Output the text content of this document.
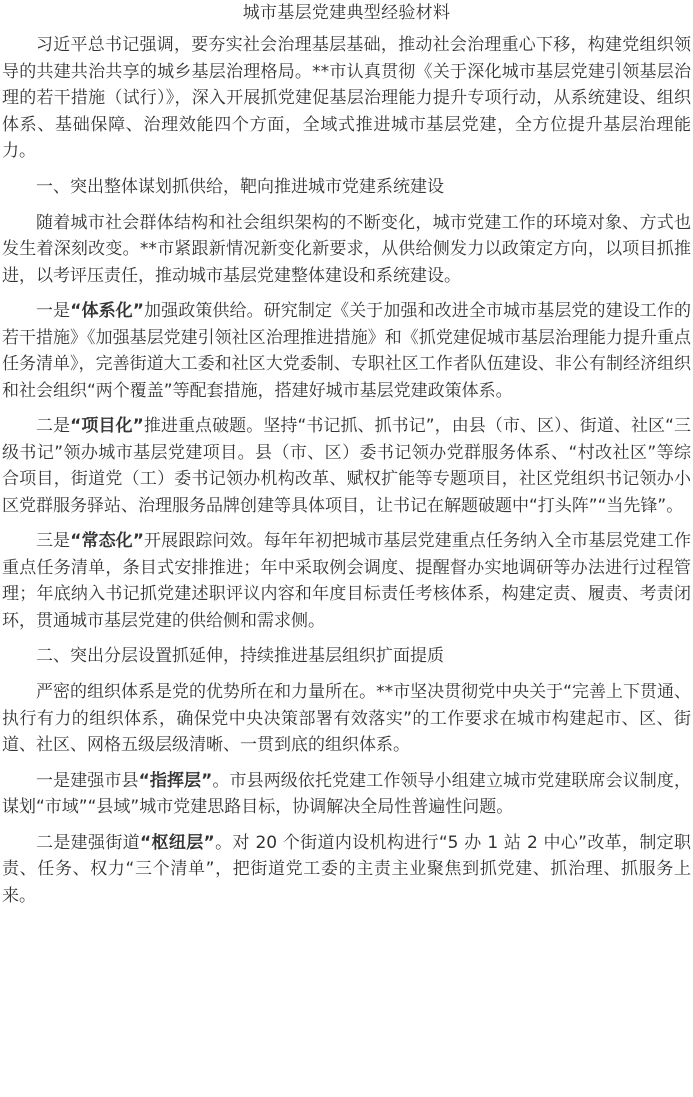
城市基层党建典型经验材料

习近平总书记强调，要夯实社会治理基层基础，推动社会治理重心下移，构建党组织领导的共建共治共享的城乡基层治理格局。**市认真贯彻《关于深化城市基层党建引领基层治理的若干措施（试行）》，深入开展抓党建促基层治理能力提升专项行动，从系统建设、组织体系、基础保障、治理效能四个方面，全域式推进城市基层党建，全方位提升基层治理能力。

一、突出整体谋划抓供给，靶向推进城市党建系统建设

随着城市社会群体结构和社会组织架构的不断变化，城市党建工作的环境对象、方式也发生着深刻改变。**市紧跟新情况新变化新要求，从供给侧发力以政策定方向，以项目抓推进，以考评压责任，推动城市基层党建整体建设和系统建设。

一是“体系化”加强政策供给。研究制定《关于加强和改进全市城市基层党的建设工作的若干措施》《加强基层党建引领社区治理推进措施》和《抓党建促城市基层治理能力提升重点任务清单》，完善街道大工委和社区大党委制、专职社区工作者队伍建设、非公有制经济组织和社会组织“两个覆盖”等配套措施，搭建好城市基层党建政策体系。

二是“项目化”推进重点破题。坚持“书记抓、抓书记”，由县（市、区）、街道、社区“三级书记”领办城市基层党建项目。县（市、区）委书记领办党群服务体系、“村改社区”等综合项目，街道党（工）委书记领办机构改革、赋权扩能等专题项目，社区党组织书记领办小区党群服务驿站、治理服务品牌创建等具体项目，让书记在解题破题中“打头阵”“当先锋”。

三是“常态化”开展跟踪问效。每年年初把城市基层党建重点任务纳入全市基层党建工作重点任务清单，条目式安排推进；年中采取例会调度、提醒督办实地调研等办法进行过程管理；年底纳入书记抓党建述职评议内容和年度目标责任考核体系，构建定责、履责、考责闭环，贯通城市基层党建的供给侧和需求侧。

二、突出分层设置抓延伸，持续推进基层组织扩面提质

严密的组织体系是党的优势所在和力量所在。**市坚决贯彻党中央关于“完善上下贯通、执行有力的组织体系，确保党中央决策部署有效落实”的工作要求在城市构建起市、区、街道、社区、网格五级层级清晰、一贯到底的组织体系。

一是建强市县“指挥层”。市县两级依托党建工作领导小组建立城市党建联席会议制度，谋划“市域”“县域”城市党建思路目标，协调解决全局性普遍性问题。

二是建强街道“枢纽层”。对 20 个街道内设机构进行“5 办 1 站 2 中心”改革，制定职责、任务、权力“三个清单”，把街道党工委的主责主业聚焦到抓党建、抓治理、抓服务上来。
